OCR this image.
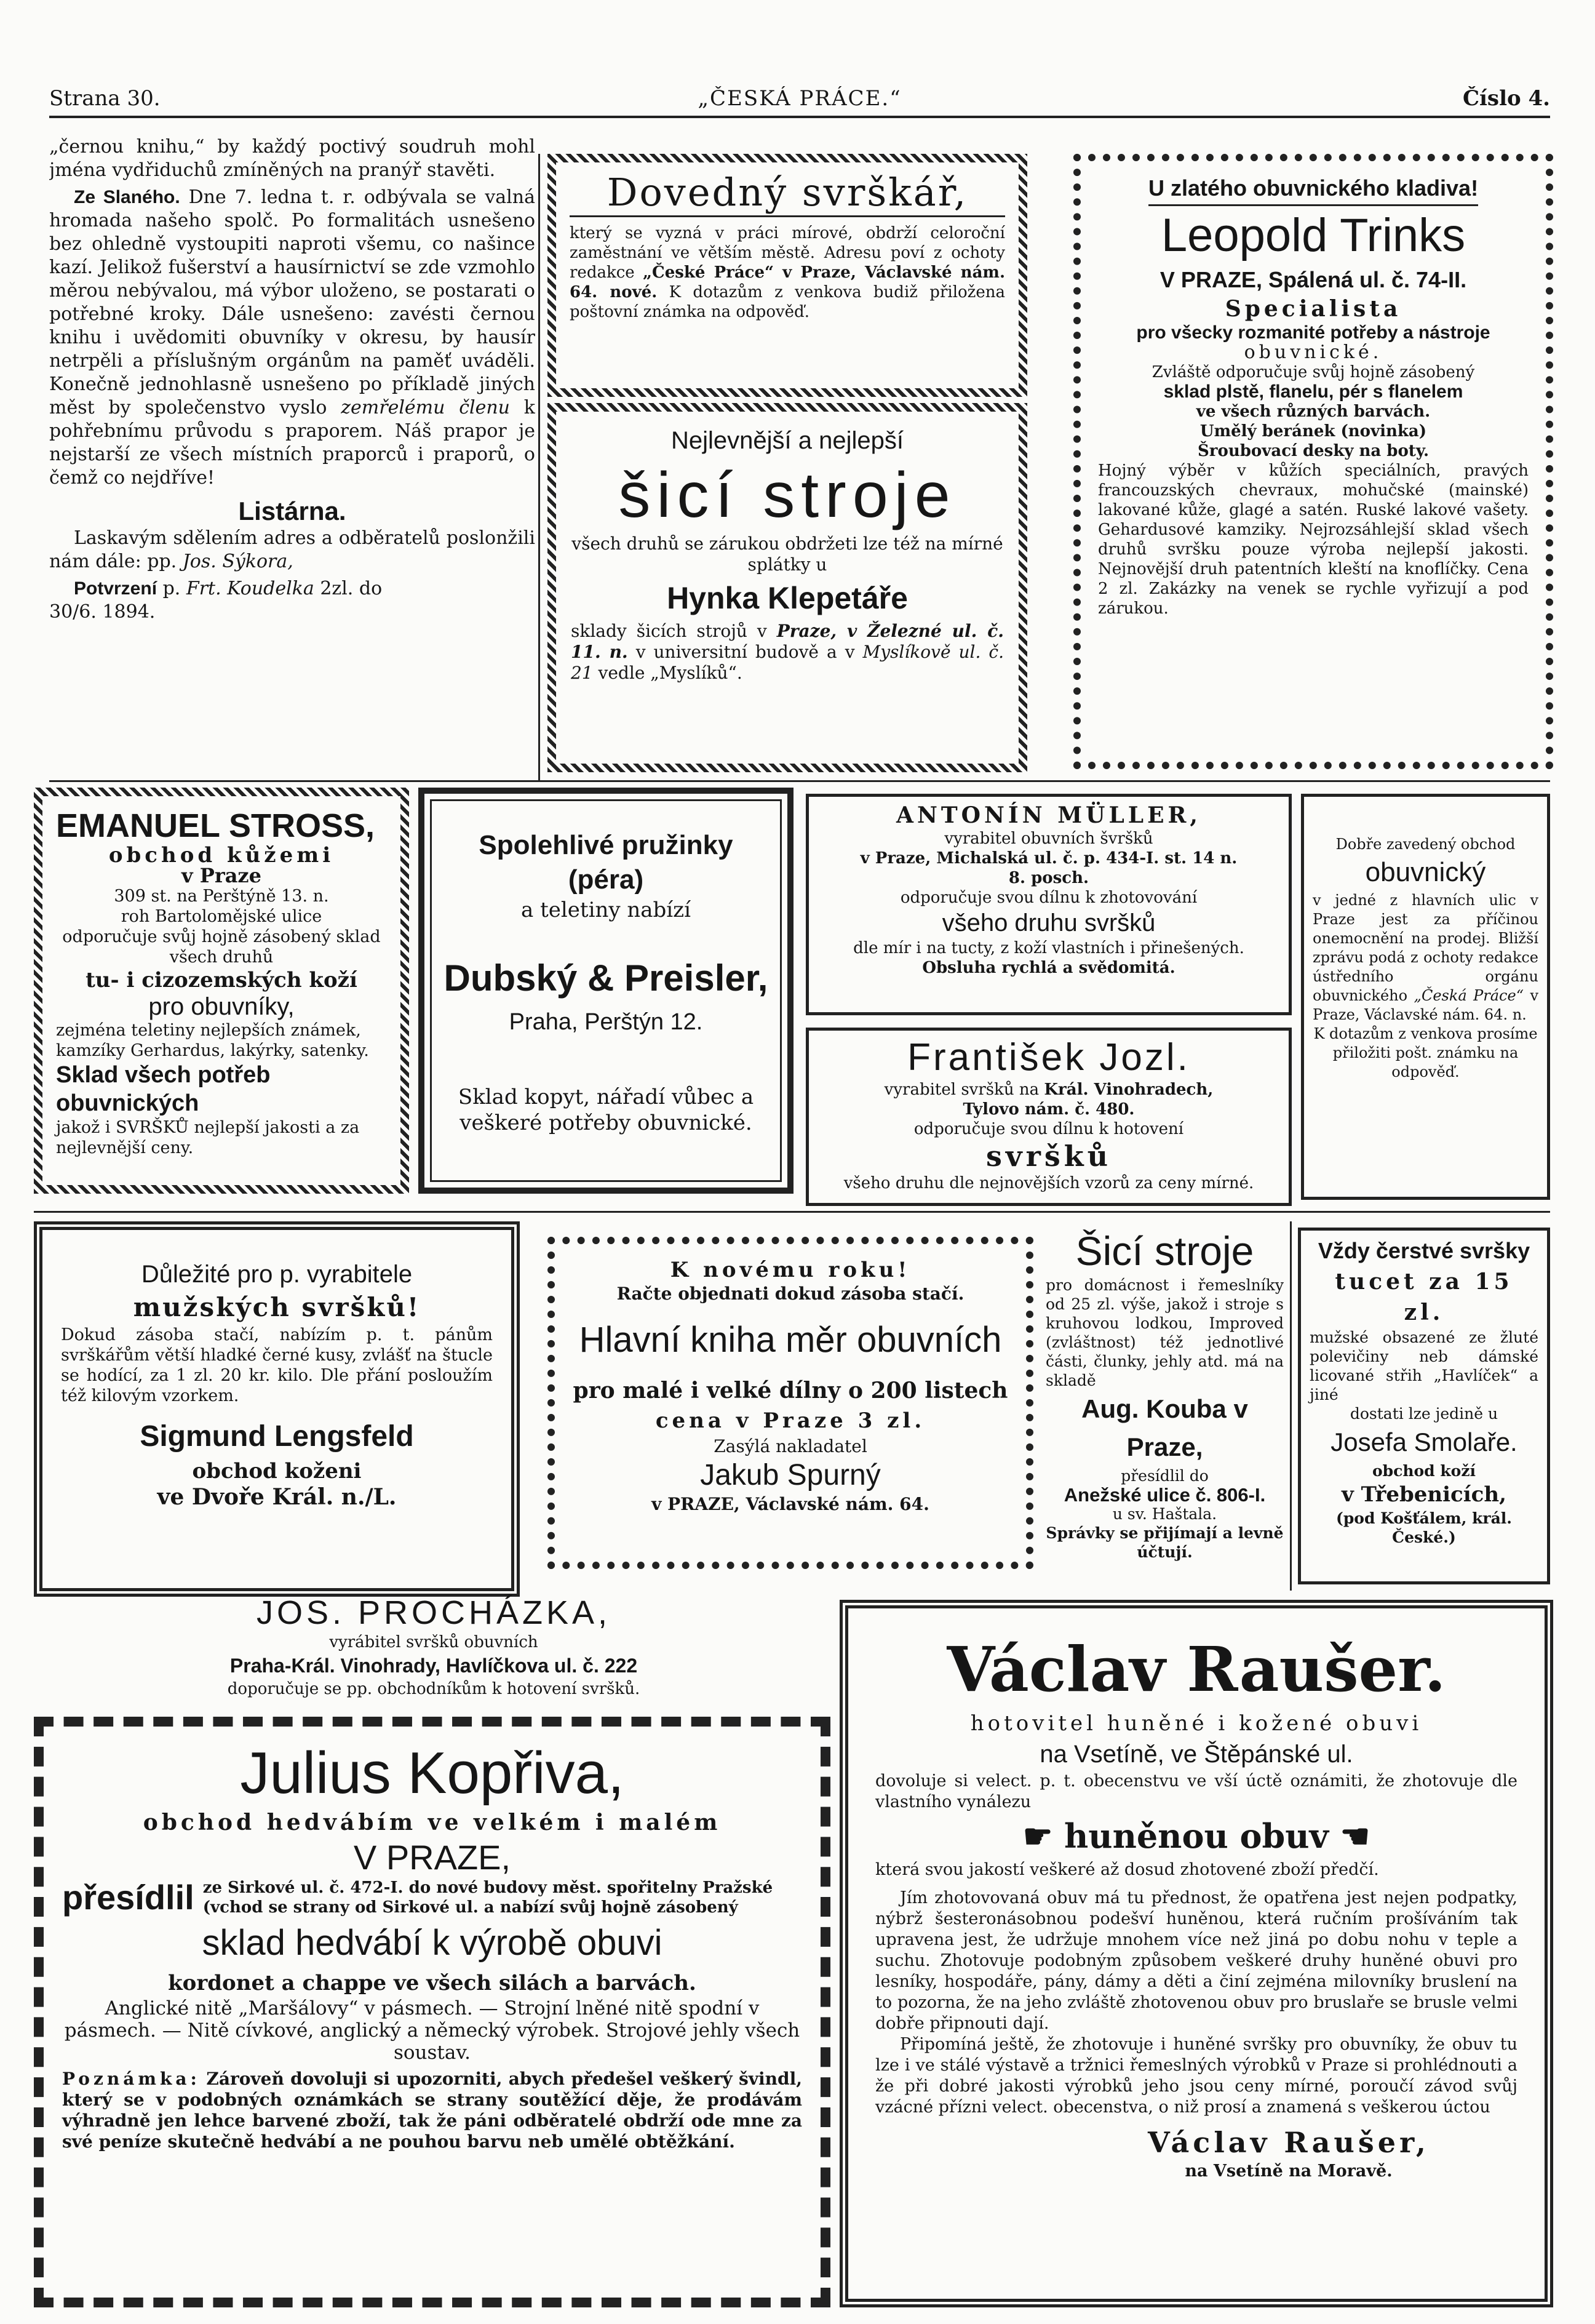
Strana 30.	„ČESKÁ PRÁCE.“	Číslo 4.

„černou knihu,“ by každý poctivý soudruh mohl jména vydřiduchů zmíněných na pranýř stavěti.

Ze Slaného. Dne 7. ledna t. r. odbývala se valná hromada našeho spolč. Po formalitách usnešeno bez ohledně vystoupiti naproti všemu, co našince kazí. Jelikož fušerství a hausírnictví se zde vzmohlo měrou nebývalou, má výbor uloženo, se postarati o potřebné kroky. Dále usnešeno: zavésti černou knihu i uvědomiti obuvníky v okresu, by hausír netrpěli a příslušným orgánům na paměť uváděli. Konečně jednohlasně usnešeno po příkladě jiných měst by společenstvo vyslo zemřelému členu k pohřebnímu průvodu s praporem. Náš prapor je nejstarší ze všech místních praporců i praporů, o čemž co nejdříve!

Listárna.

Laskavým sdělením adres a odběratelů poslonžili nám dále: pp. Jos. Sýkora,

Potvrzení p. Frt. Koudelka 2zl. do

30/6. 1894.

Dovedný svrškář,
který se vyzná v práci mírové, obdrží celoroční zaměstnání ve větším městě. Adresu poví z ochoty redakce „České Práce“ v Praze, Václavské nám. 64. nové. K dotazům z venkova budiž přiložena poštovní známka na odpověď.
Nejlevnější a nejlepší
šicí stroje
všech druhů se zárukou obdržeti lze též na mírné splátky u
Hynka Klepetáře
sklady šicích strojů v Praze, v Železné ul. č. 11. n. v universitní budově a v Myslíkově ul. č. 21 vedle „Myslíků“.
U zlatého obuvnického kladiva!
Leopold Trinks
V PRAZE, Spálená ul. č. 74-II.
Specialista
pro všecky rozmanité potřeby a nástroje
obuvnické.
Zvláště odporučuje svůj hojně zásobený
sklad plstě, flanelu, pér s flanelem
ve všech různých barvách.
Umělý beránek (novinka)
Šroubovací desky na boty.
Hojný výběr v kůžích speciálních, pravých francouzských chevraux, mohučské (mainské) lakované kůže, glagé a satén. Ruské lakové vašety. Gehardusové kamziky. Nejrozsáhlejší sklad všech druhů svršku pouze výroba nejlepší jakosti. Nejnovější druh patentních kleští na knoflíčky. Cena 2 zl. Zakázky na venek se rychle vyřizují a pod zárukou.
EMANUEL STROSS,
obchod kůžemi
v Praze
309 st. na Perštýně 13. n.
roh Bartolomějské ulice
odporučuje svůj hojně zásobený sklad všech druhů
tu- i cizozemských koží
pro obuvníky,
zejména teletiny nejlepších známek, kamzíky Gerhardus, lakýrky, satenky.
Sklad všech potřeb obuvnických
jakož i SVRŠKŮ nejlepší jakosti a za nejlevnější ceny.
Spolehlivé pružinky (péra)
a teletiny nabízí
Dubský & Preisler,
Praha, Perštýn 12.
Sklad kopyt, nářadí vůbec a veškeré potřeby obuvnické.
ANTONÍN MÜLLER,
vyrabitel obuvních švršků
v Praze, Michalská ul. č. p. 434-I. st. 14 n.
8. posch.
odporučuje svou dílnu k zhotovování
všeho druhu svršků
dle mír i na tucty, z koží vlastních i přinešených.
Obsluha rychlá a svědomitá.
František Jozl.
vyrabitel svršků na Král. Vinohradech,
Tylovo nám. č. 480.
odporučuje svou dílnu k hotovení
svršků
všeho druhu dle nejnovějších vzorů za ceny mírné.
Dobře zavedený obchod
obuvnický
v jedné z hlavních ulic v Praze jest za příčinou onemocnění na prodej. Bližší zprávu podá z ochoty redakce ústředního orgánu obuvnického „Česká Práce“ v Praze, Václavské nám. 64. n.
K dotazům z venkova prosíme přiložiti pošt. známku na odpověď.
Důležité pro p. vyrabitele
mužských svršků!
Dokud zásoba stačí, nabízím p. t. pánům svrškářům větší hladké černé kusy, zvlášť na štucle se hodící, za 1 zl. 20 kr. kilo. Dle přání posloužím též kilovým vzorkem.
Sigmund Lengsfeld
obchod koženi
ve Dvoře Král. n./L.
K novému roku!
Račte objednati dokud zásoba stačí.
Hlavní kniha měr obuvních
pro malé i velké dílny o 200 listech
cena v Praze 3 zl.
Zasýlá nakladatel
Jakub Spurný
v PRAZE, Václavské nám. 64.
Šicí stroje
pro domácnost i řemeslníky od 25 zl. výše, jakož i stroje s kruhovou lodkou, Improved (zvláštnost) též jednotlivé části, člunky, jehly atd. má na skladě
Aug. Kouba v Praze,
přesídlil do
Anežské ulice č. 806-I.
u sv. Haštala.
Správky se přijímají a levně účtují.
Vždy čerstvé svršky
tucet za 15 zl.
mužské obsazené ze žluté polevičiny neb dámské licované střih „Havlíček“ a jiné
dostati lze jedině u
Josefa Smolaře.
obchod koží
v Třebenicích,
(pod Košťálem, král. České.)
JOS. PROCHÁZKA,
vyrábitel svršků obuvních
Praha-Král. Vinohrady, Havlíčkova ul. č. 222
doporučuje se pp. obchodníkům k hotovení svršků.
Julius Kopřiva,
obchod hedvábím ve velkém i malém
V PRAZE,
přesídlil ze Sirkové ul. č. 472-I. do nové budovy měst. spořitelny Pražské (vchod se strany od Sirkové ul. a nabízí svůj hojně zásobený
sklad hedvábí k výrobě obuvi
kordonet a chappe ve všech silách a barvách.
Anglické nitě „Maršálovy“ v pásmech. — Strojní lněné nitě spodní v pásmech. — Nitě cívkové, anglický a německý výrobek. Strojové jehly všech soustav.
Poznámka: Zároveň dovoluji si upozorniti, abych předešel veškerý švindl, který se v podobných oznámkách se strany soutěžící děje, že prodávám výhradně jen lehce barvené zboží, tak že páni odběratelé obdrží ode mne za své peníze skutečně hedvábí a ne pouhou barvu neb umělé obtěžkání.
Václav Raušer.
hotovitel huněné i kožené obuvi
na Vsetíně, ve Štěpánské ul.
dovoluje si velect. p. t. obecenstvu ve vší úctě oznámiti, že zhotovuje dle vlastního vynálezu
☛ huněnou obuv ☚
která svou jakostí veškeré až dosud zhotovené zboží předčí.
Jím zhotovovaná obuv má tu přednost, že opatřena jest nejen podpatky, nýbrž šesteronásobnou podešví huněnou, která ručním prošíváním tak upravena jest, že udržuje mnohem více než jiná po dobu nohu v teple a suchu. Zhotovuje podobným způsobem veškeré druhy huněné obuvi pro lesníky, hospodáře, pány, dámy a děti a činí zejména milovníky bruslení na to pozorna, že na jeho zvláště zhotovenou obuv pro bruslaře se brusle velmi dobře připnouti dají.
Připomíná ještě, že zhotovuje i huněné svršky pro obuvníky, že obuv tu lze i ve stálé výstavě a tržnici řemeslných výrobků v Praze si prohlédnouti a že při dobré jakosti výrobků jeho jsou ceny mírné, poroučí závod svůj vzácné přízni velect. obecenstva, o niž prosí a znamená s veškerou úctou
Václav Raušer,
na Vsetíně na Moravě.
